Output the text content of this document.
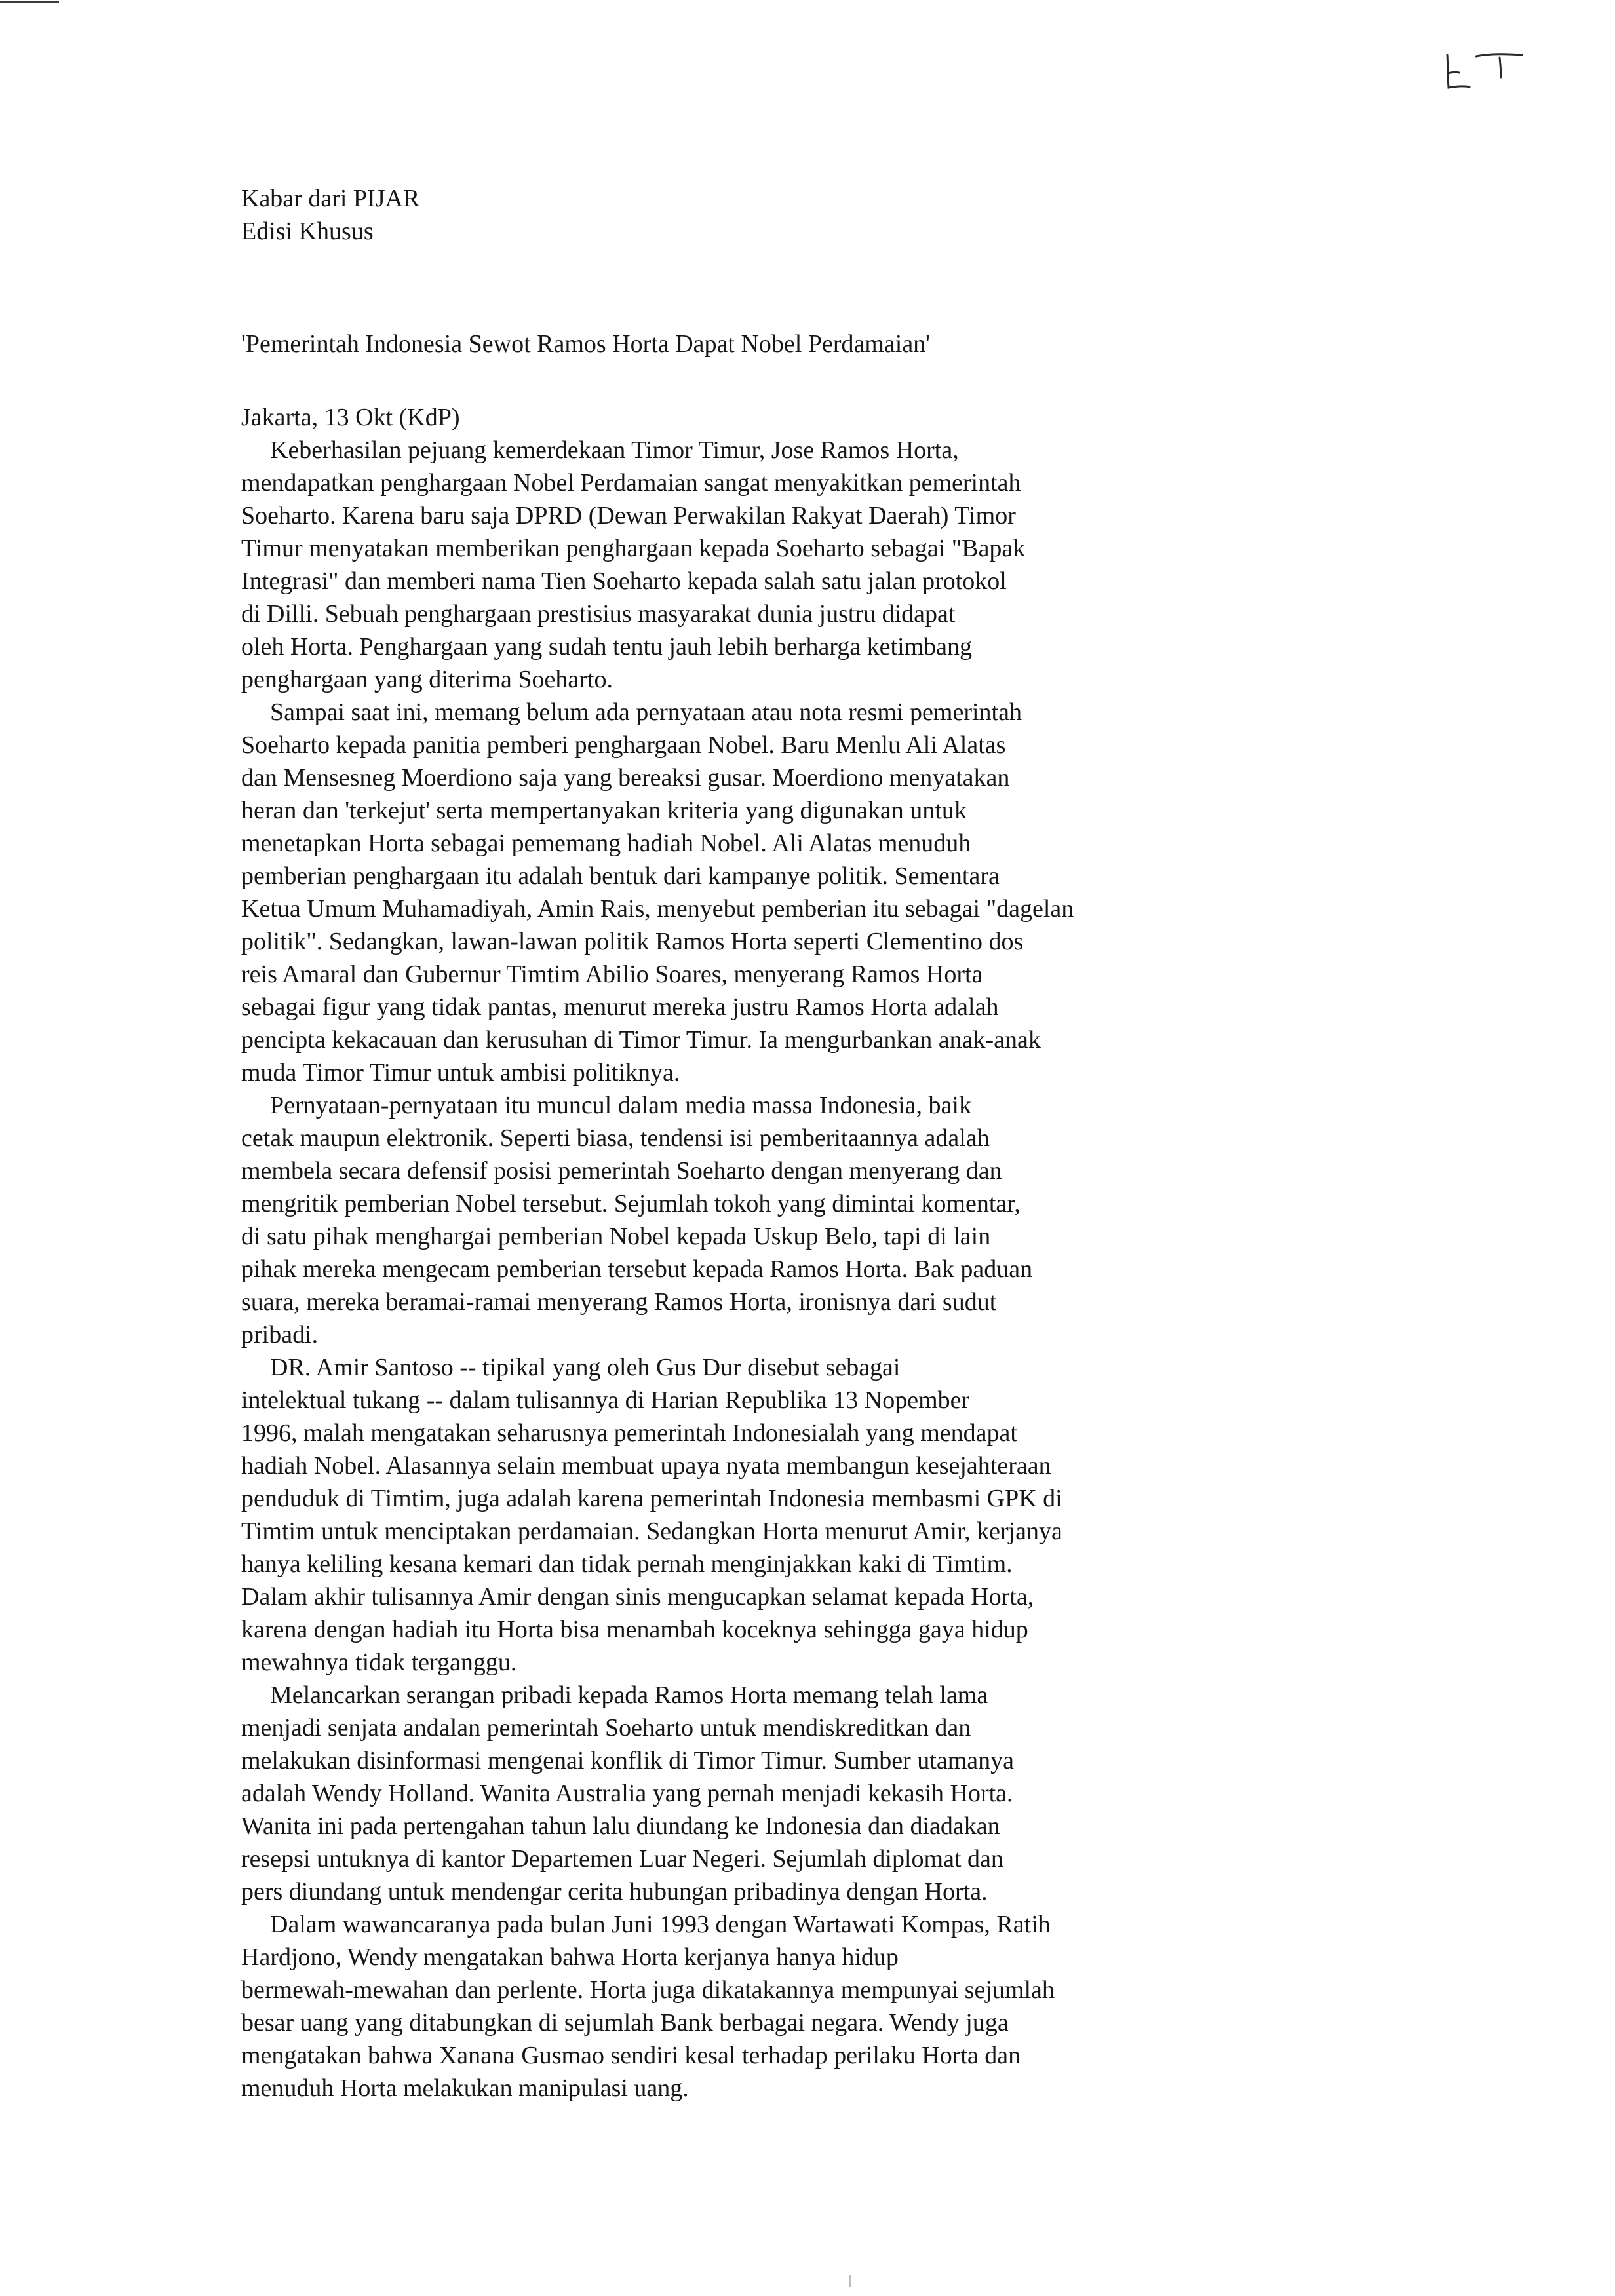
Kabar dari PIJAR
Edisi Khusus
'Pemerintah Indonesia Sewot Ramos Horta Dapat Nobel Perdamaian'
Jakarta, 13 Okt (KdP)
Keberhasilan pejuang kemerdekaan Timor Timur, Jose Ramos Horta,
mendapatkan penghargaan Nobel Perdamaian sangat menyakitkan pemerintah
Soeharto. Karena baru saja DPRD (Dewan Perwakilan Rakyat Daerah) Timor
Timur menyatakan memberikan penghargaan kepada Soeharto sebagai "Bapak
Integrasi" dan memberi nama Tien Soeharto kepada salah satu jalan protokol
di Dilli. Sebuah penghargaan prestisius masyarakat dunia justru didapat
oleh Horta. Penghargaan yang sudah tentu jauh lebih berharga ketimbang
penghargaan yang diterima Soeharto.
Sampai saat ini, memang belum ada pernyataan atau nota resmi pemerintah
Soeharto kepada panitia pemberi penghargaan Nobel. Baru Menlu Ali Alatas
dan Mensesneg Moerdiono saja yang bereaksi gusar. Moerdiono menyatakan
heran dan 'terkejut' serta mempertanyakan kriteria yang digunakan untuk
menetapkan Horta sebagai pememang hadiah Nobel. Ali Alatas menuduh
pemberian penghargaan itu adalah bentuk dari kampanye politik. Sementara
Ketua Umum Muhamadiyah, Amin Rais, menyebut pemberian itu sebagai "dagelan
politik". Sedangkan, lawan-lawan politik Ramos Horta seperti Clementino dos
reis Amaral dan Gubernur Timtim Abilio Soares, menyerang Ramos Horta
sebagai figur yang tidak pantas, menurut mereka justru Ramos Horta adalah
pencipta kekacauan dan kerusuhan di Timor Timur. Ia mengurbankan anak-anak
muda Timor Timur untuk ambisi politiknya.
Pernyataan-pernyataan itu muncul dalam media massa Indonesia, baik
cetak maupun elektronik. Seperti biasa, tendensi isi pemberitaannya adalah
membela secara defensif posisi pemerintah Soeharto dengan menyerang dan
mengritik pemberian Nobel tersebut. Sejumlah tokoh yang dimintai komentar,
di satu pihak menghargai pemberian Nobel kepada Uskup Belo, tapi di lain
pihak mereka mengecam pemberian tersebut kepada Ramos Horta. Bak paduan
suara, mereka beramai-ramai menyerang Ramos Horta, ironisnya dari sudut
pribadi.
DR. Amir Santoso -- tipikal yang oleh Gus Dur disebut sebagai
intelektual tukang -- dalam tulisannya di Harian Republika 13 Nopember
1996, malah mengatakan seharusnya pemerintah Indonesialah yang mendapat
hadiah Nobel. Alasannya selain membuat upaya nyata membangun kesejahteraan
penduduk di Timtim, juga adalah karena pemerintah Indonesia membasmi GPK di
Timtim untuk menciptakan perdamaian. Sedangkan Horta menurut Amir, kerjanya
hanya keliling kesana kemari dan tidak pernah menginjakkan kaki di Timtim.
Dalam akhir tulisannya Amir dengan sinis mengucapkan selamat kepada Horta,
karena dengan hadiah itu Horta bisa menambah koceknya sehingga gaya hidup
mewahnya tidak terganggu.
Melancarkan serangan pribadi kepada Ramos Horta memang telah lama
menjadi senjata andalan pemerintah Soeharto untuk mendiskreditkan dan
melakukan disinformasi mengenai konflik di Timor Timur. Sumber utamanya
adalah Wendy Holland. Wanita Australia yang pernah menjadi kekasih Horta.
Wanita ini pada pertengahan tahun lalu diundang ke Indonesia dan diadakan
resepsi untuknya di kantor Departemen Luar Negeri. Sejumlah diplomat dan
pers diundang untuk mendengar cerita hubungan pribadinya dengan Horta.
Dalam wawancaranya pada bulan Juni 1993 dengan Wartawati Kompas, Ratih
Hardjono, Wendy mengatakan bahwa Horta kerjanya hanya hidup
bermewah-mewahan dan perlente. Horta juga dikatakannya mempunyai sejumlah
besar uang yang ditabungkan di sejumlah Bank berbagai negara. Wendy juga
mengatakan bahwa Xanana Gusmao sendiri kesal terhadap perilaku Horta dan
menuduh Horta melakukan manipulasi uang.
